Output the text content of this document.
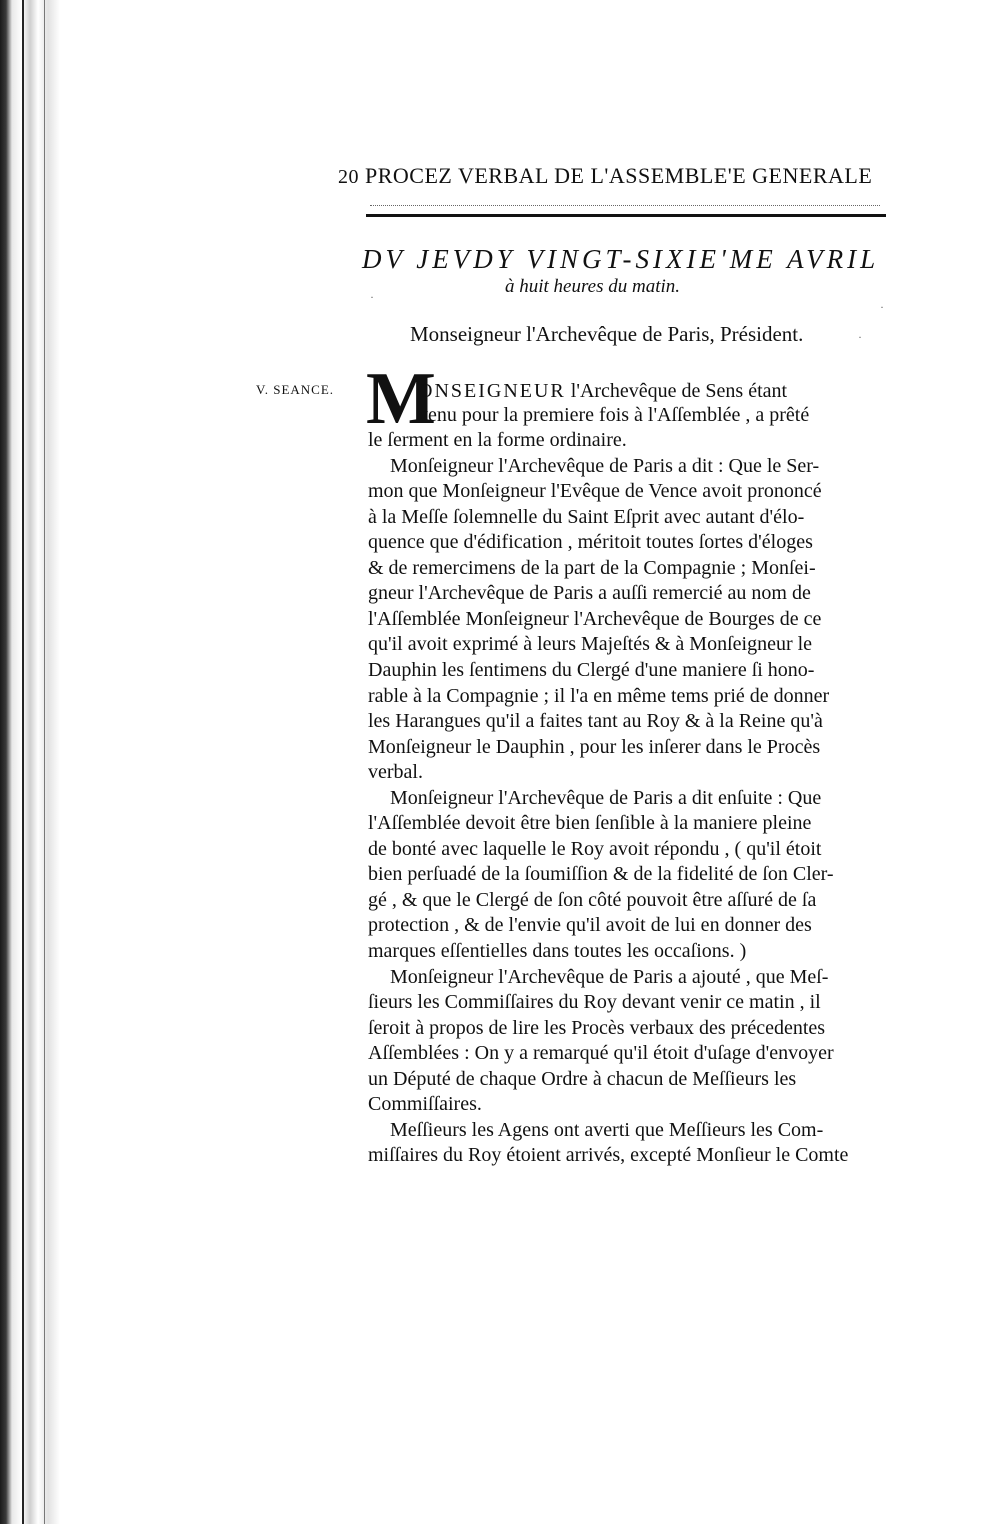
20 PROCEZ VERBAL DE L'ASSEMBLE'E GENERALE
DV JEVDY VINGT-SIXIE'ME AVRIL
à huit heures du matin.
Monseigneur l'Archevêque de Paris, Président.
V. SEANCE. M
ONSEIGNEUR l'Archevêque de Sens étant
venu pour la premiere fois à l'Aſſemblée , a prêté
le ſerment en la forme ordinaire.
Monſeigneur l'Archevêque de Paris a dit : Que le Ser-
mon que Monſeigneur l'Evêque de Vence avoit prononcé
à la Meſſe ſolemnelle du Saint Eſprit avec autant d'élo-
quence que d'édification , méritoit toutes ſortes d'éloges
& de remercimens de la part de la Compagnie ; Monſei-
gneur l'Archevêque de Paris a auſſi remercié au nom de
l'Aſſemblée Monſeigneur l'Archevêque de Bourges de ce
qu'il avoit exprimé à leurs Majeſtés & à Monſeigneur le
Dauphin les ſentimens du Clergé d'une maniere ſi hono-
rable à la Compagnie ; il l'a en même tems prié de donner
les Harangues qu'il a faites tant au Roy & à la Reine qu'à
Monſeigneur le Dauphin , pour les inſerer dans le Procès
verbal.
Monſeigneur l'Archevêque de Paris a dit enſuite : Que
l'Aſſemblée devoit être bien ſenſible à la maniere pleine
de bonté avec laquelle le Roy avoit répondu , ( qu'il étoit
bien perſuadé de la ſoumiſſion & de la fidelité de ſon Cler-
gé , & que le Clergé de ſon côté pouvoit être aſſuré de ſa
protection , & de l'envie qu'il avoit de lui en donner des
marques eſſentielles dans toutes les occaſions. )
Monſeigneur l'Archevêque de Paris a ajouté , que Meſ-
ſieurs les Commiſſaires du Roy devant venir ce matin , il
ſeroit à propos de lire les Procès verbaux des précedentes
Aſſemblées : On y a remarqué qu'il étoit d'uſage d'envoyer
un Député de chaque Ordre à chacun de Meſſieurs les
Commiſſaires.
Meſſieurs les Agens ont averti que Meſſieurs les Com-
miſſaires du Roy étoient arrivés, excepté Monſieur le Comte
·
·
·
